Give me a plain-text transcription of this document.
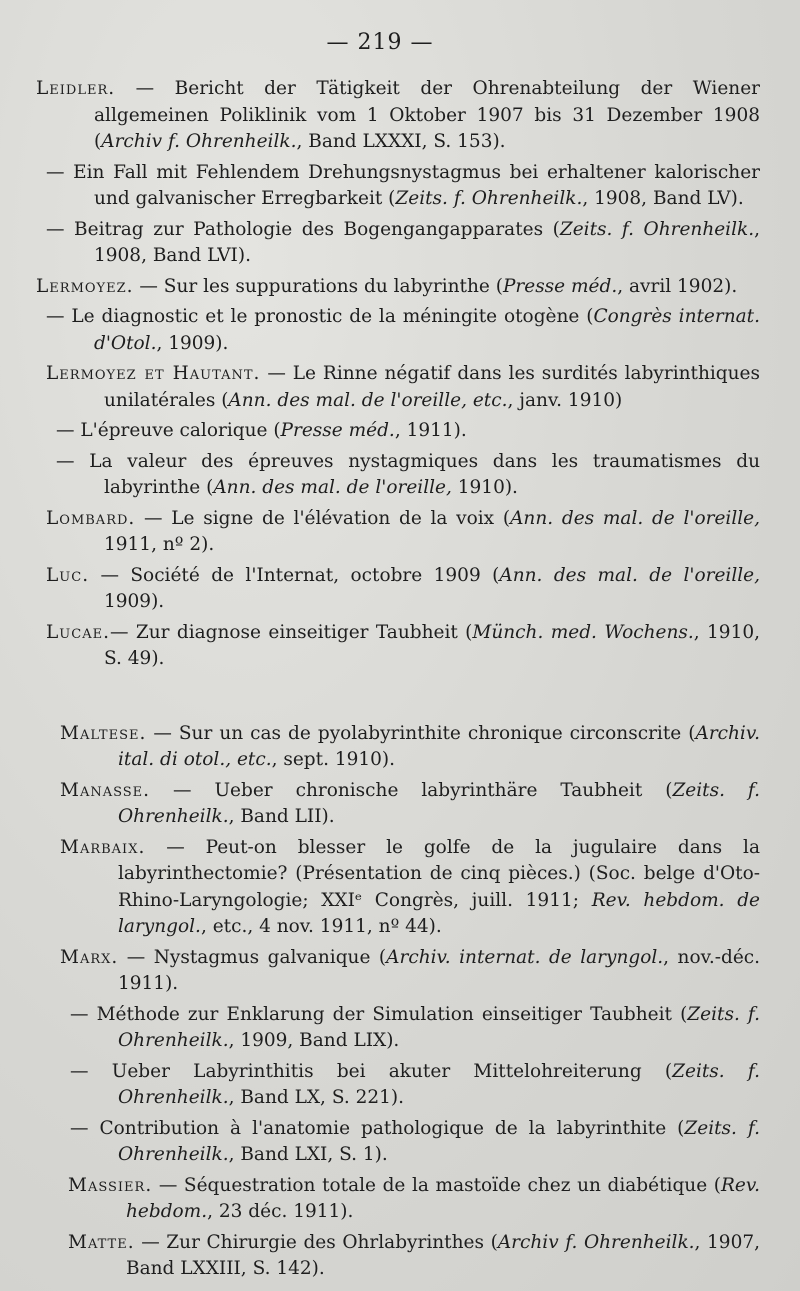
— 219 —
Leidler. — Bericht der Tätigkeit der Ohrenabteilung der Wiener allgemeinen Poliklinik vom 1 Oktober 1907 bis 31 Dezember 1908 (Archiv f. Ohrenheilk., Band LXXXI, S. 153).
— Ein Fall mit Fehlendem Drehungsnystagmus bei erhaltener kalorischer und galvanischer Erregbarkeit (Zeits. f. Ohrenheilk., 1908, Band LV).
— Beitrag zur Pathologie des Bogengangapparates (Zeits. f. Ohrenheilk., 1908, Band LVI).
Lermoyez. — Sur les suppurations du labyrinthe (Presse méd., avril 1902).
— Le diagnostic et le pronostic de la méningite otogène (Congrès internat. d'Otol., 1909).
Lermoyez et Hautant. — Le Rinne négatif dans les surdités labyrinthiques unilatérales (Ann. des mal. de l'oreille, etc., janv. 1910)
— L'épreuve calorique (Presse méd., 1911).
— La valeur des épreuves nystagmiques dans les traumatismes du labyrinthe (Ann. des mal. de l'oreille, 1910).
Lombard. — Le signe de l'élévation de la voix (Ann. des mal. de l'oreille, 1911, nº 2).
Luc. — Société de l'Internat, octobre 1909 (Ann. des mal. de l'oreille, 1909).
Lucae.— Zur diagnose einseitiger Taubheit (Münch. med. Wochens., 1910, S. 49).
Maltese. — Sur un cas de pyolabyrinthite chronique circonscrite (Archiv. ital. di otol., etc., sept. 1910).
Manasse. — Ueber chronische labyrinthäre Taubheit (Zeits. f. Ohrenheilk., Band LII).
Marbaix. — Peut-on blesser le golfe de la jugulaire dans la labyrinthectomie? (Présentation de cinq pièces.) (Soc. belge d'Oto-Rhino-Laryngologie; XXIᵉ Congrès, juill. 1911; Rev. hebdom. de laryngol., etc., 4 nov. 1911, nº 44).
Marx. — Nystagmus galvanique (Archiv. internat. de laryngol., nov.-déc. 1911).
— Méthode zur Enklarung der Simulation einseitiger Taubheit (Zeits. f. Ohrenheilk., 1909, Band LIX).
— Ueber Labyrinthitis bei akuter Mittelohreiterung (Zeits. f. Ohrenheilk., Band LX, S. 221).
— Contribution à l'anatomie pathologique de la labyrinthite (Zeits. f. Ohrenheilk., Band LXI, S. 1).
Massier. — Séquestration totale de la mastoïde chez un diabétique (Rev. hebdom., 23 déc. 1911).
Matte. — Zur Chirurgie des Ohrlabyrinthes (Archiv f. Ohrenheilk., 1907, Band LXXIII, S. 142).
